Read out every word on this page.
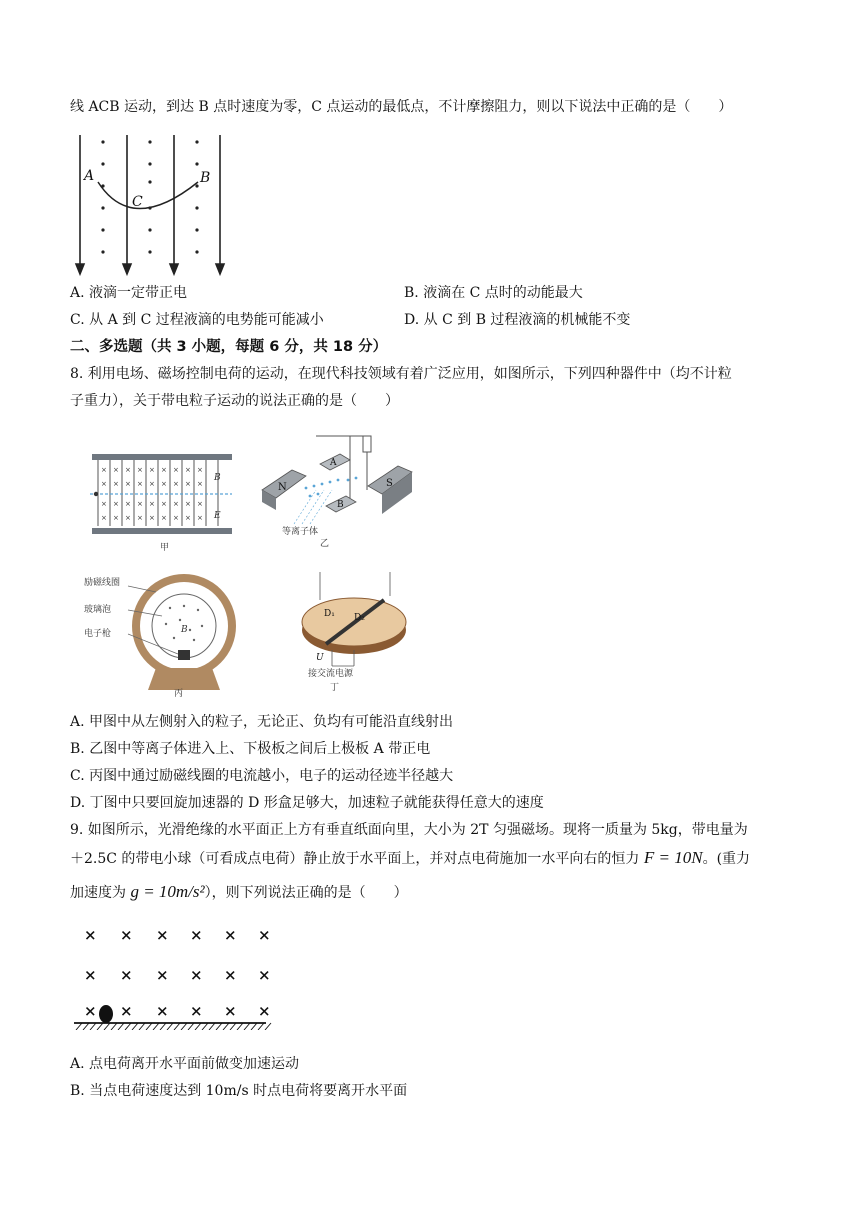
线 ACB 运动，到达 B 点时速度为零，C 点运动的最低点，不计摩擦阻力，则以下说法中正确的是（　　）
A	B
C
A. 液滴一定带正电	B. 液滴在 C 点时的动能最大
C. 从 A 到 C 过程液滴的电势能可能减小	D. 从 C 到 B 过程液滴的机械能不变
二、多选题（共 3 小题，每题 6 分，共 18 分）
8. 利用电场、磁场控制电荷的运动，在现代科技领域有着广泛应用，如图所示，下列四种器件中（均不计粒
子重力），关于带电粒子运动的说法正确的是（　　）
× × × × × × × × ×
× × × × × × × × ×
× × × × × × × × ×
× × × × × × × × ×
B
E
甲
N	S
A
B
等离子体
乙
B
励磁线圈
玻璃泡
电子枪
丙
D₁ D₂
U
接交流电源
丁
A. 甲图中从左侧射入的粒子，无论正、负均有可能沿直线射出
B. 乙图中等离子体进入上、下极板之间后上极板 A 带正电
C. 丙图中通过励磁线圈的电流越小，电子的运动径迹半径越大
D. 丁图中只要回旋加速器的 D 形盒足够大，加速粒子就能获得任意大的速度
9. 如图所示，光滑绝缘的水平面正上方有垂直纸面向里，大小为 2T 匀强磁场。现将一质量为 5kg，带电量为
＋2.5C 的带电小球（可看成点电荷）静止放于水平面上，并对点电荷施加一水平向右的恒力 F = 10N。(重力
加速度为 g = 10m/s²），则下列说法正确的是（　　）
× × × × × ×
× × × × × ×
× × × × × ×
A. 点电荷离开水平面前做变加速运动
B. 当点电荷速度达到 10m/s 时点电荷将要离开水平面
